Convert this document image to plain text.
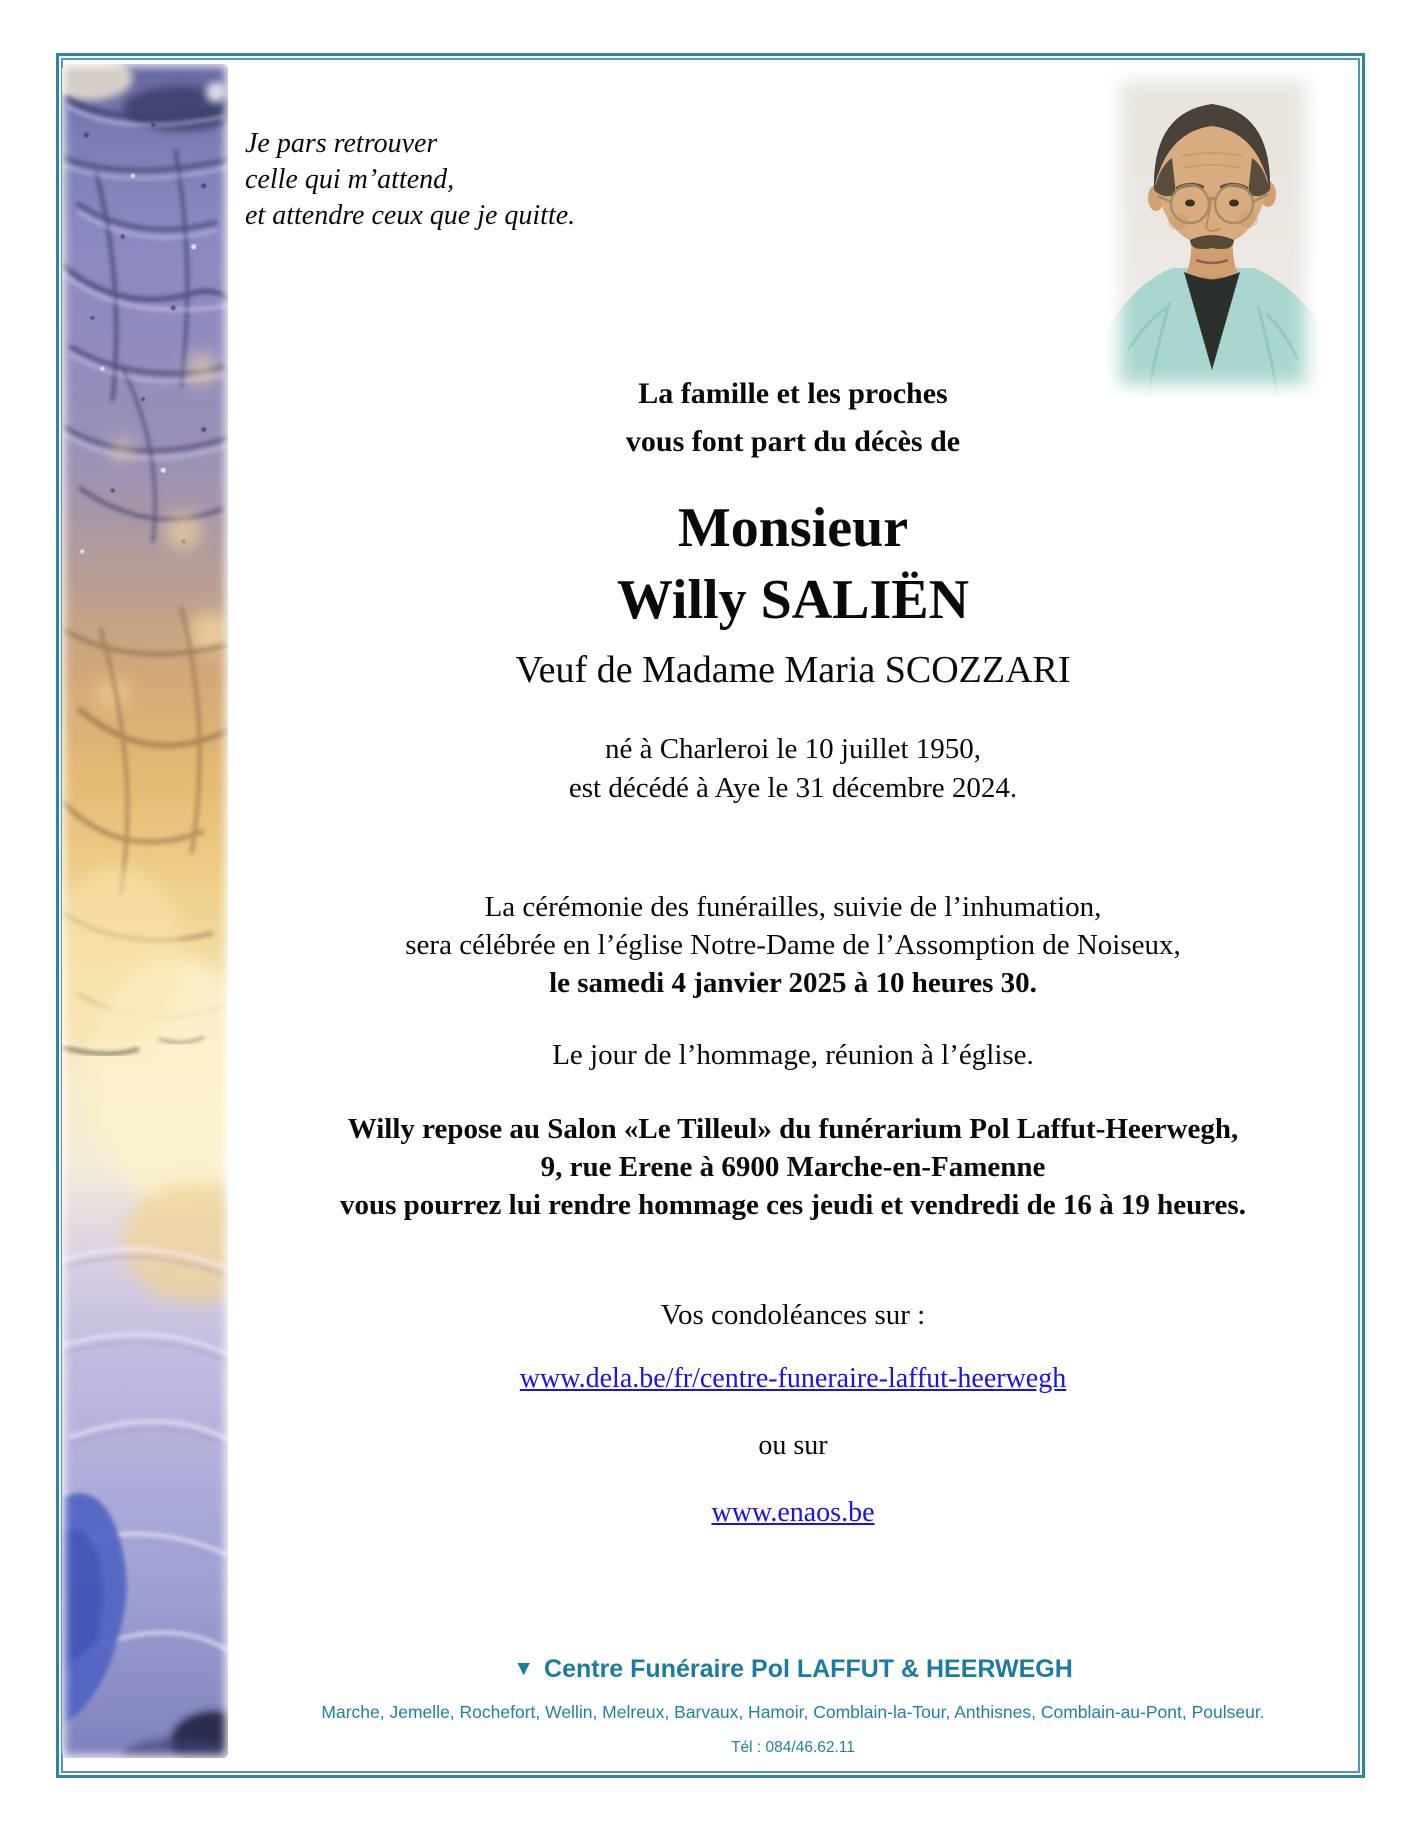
Je pars retrouver
celle qui m’attend,
et attendre ceux que je quitte.
La famille et les proches
vous font part du décès de
Monsieur
Willy SALIËN
Veuf de Madame Maria SCOZZARI
né à Charleroi le 10 juillet 1950,
est décédé à Aye le 31 décembre 2024.
La cérémonie des funérailles, suivie de l’inhumation,
sera célébrée en l’église Notre-Dame de l’Assomption de Noiseux,
le samedi 4 janvier 2025 à 10 heures 30.
Le jour de l’hommage, réunion à l’église.
Willy repose au Salon «Le Tilleul» du funérarium Pol Laffut-Heerwegh,
9, rue Erene à 6900 Marche-en-Famenne
vous pourrez lui rendre hommage ces jeudi et vendredi de 16 à 19 heures.
Vos condoléances sur :
www.dela.be/fr/centre-funeraire-laffut-heerwegh
ou sur
www.enaos.be
▼ Centre Funéraire Pol LAFFUT & HEERWEGH
Marche, Jemelle, Rochefort, Wellin, Melreux, Barvaux, Hamoir, Comblain-la-Tour, Anthisnes, Comblain-au-Pont, Poulseur.
Tél : 084/46.62.11
